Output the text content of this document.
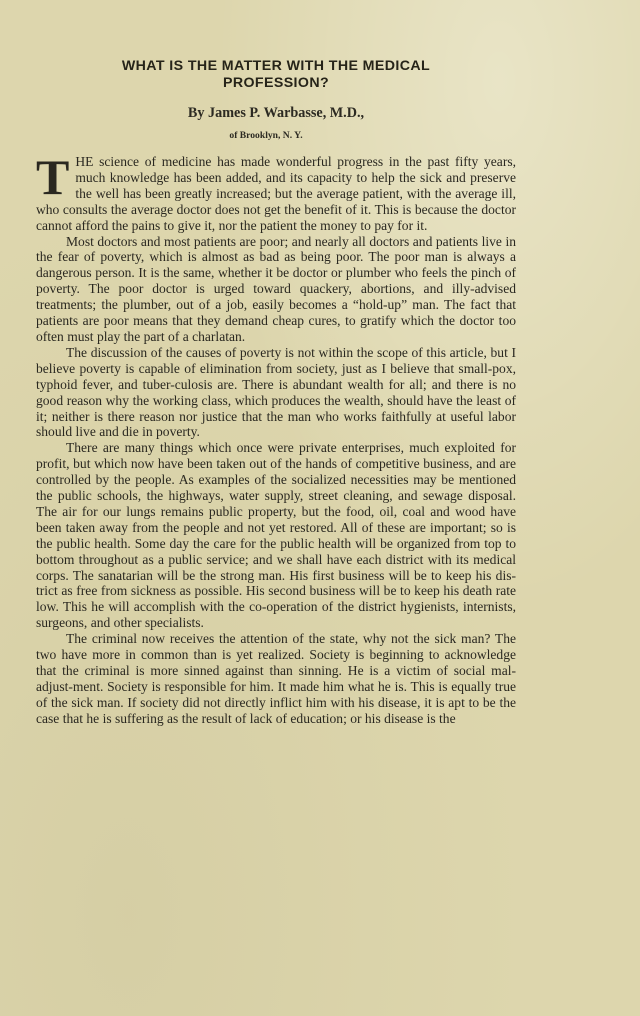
WHAT IS THE MATTER WITH THE MEDICAL
PROFESSION?
By James P. Warbasse, M.D.,
of Brooklyn, N. Y.

THE science of medicine has made wonderful progress in the past fifty years, much knowledge has been added, and its capacity to help the sick and preserve the well has been greatly increased; but the average patient, with the average ill, who consults the average doctor does not get the benefit of it. This is because the doctor cannot afford the pains to give it, nor the patient the money to pay for it.

Most doctors and most patients are poor; and nearly all doctors and patients live in the fear of poverty, which is almost as bad as being poor. The poor man is always a dangerous person. It is the same, whether it be doctor or plumber who feels the pinch of poverty. The poor doctor is urged toward quackery, abortions, and illy-advised treatments; the plumber, out of a job, easily becomes a “hold-up” man. The fact that patients are poor means that they demand cheap cures, to gratify which the doctor too often must play the part of a charlatan.

The discussion of the causes of poverty is not within the scope of this article, but I believe poverty is capable of elimination from society, just as I believe that small-pox, typhoid fever, and tuber-culosis are. There is abundant wealth for all; and there is no good reason why the working class, which produces the wealth, should have the least of it; neither is there reason nor justice that the man who works faithfully at useful labor should live and die in poverty.

There are many things which once were private enterprises, much exploited for profit, but which now have been taken out of the hands of competitive business, and are controlled by the people. As examples of the socialized necessities may be mentioned the public schools, the highways, water supply, street cleaning, and sewage disposal. The air for our lungs remains public property, but the food, oil, coal and wood have been taken away from the people and not yet restored. All of these are important; so is the public health. Some day the care for the public health will be organized from top to bottom throughout as a public service; and we shall have each district with its medical corps. The sanatarian will be the strong man. His first business will be to keep his dis-trict as free from sickness as possible. His second business will be to keep his death rate low. This he will accomplish with the co-operation of the district hygienists, internists, surgeons, and other specialists.

The criminal now receives the attention of the state, why not the sick man? The two have more in common than is yet realized. Society is beginning to acknowledge that the criminal is more sinned against than sinning. He is a victim of social mal-adjust-ment. Society is responsible for him. It made him what he is. This is equally true of the sick man. If society did not directly inflict him with his disease, it is apt to be the case that he is suffering as the result of lack of education; or his disease is the
